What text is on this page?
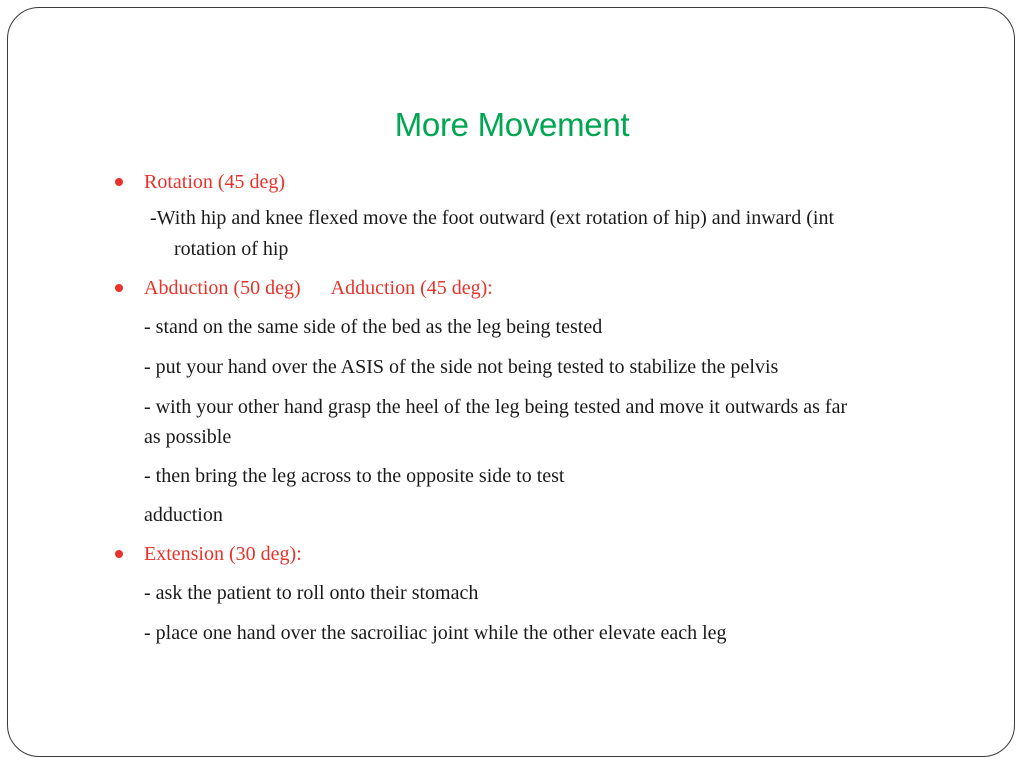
More Movement
Rotation (45 deg)
-With hip and knee flexed move the foot outward (ext rotation of hip) and inward (int
rotation of hip
Abduction (50 deg) Adduction (45 deg):
- stand on the same side of the bed as the leg being tested
- put your hand over the ASIS of the side not being tested to stabilize the pelvis
- with your other hand grasp the heel of the leg being tested and move it outwards as far
as possible
- then bring the leg across to the opposite side to test
adduction
Extension (30 deg):
- ask the patient to roll onto their stomach
- place one hand over the sacroiliac joint while the other elevate each leg
